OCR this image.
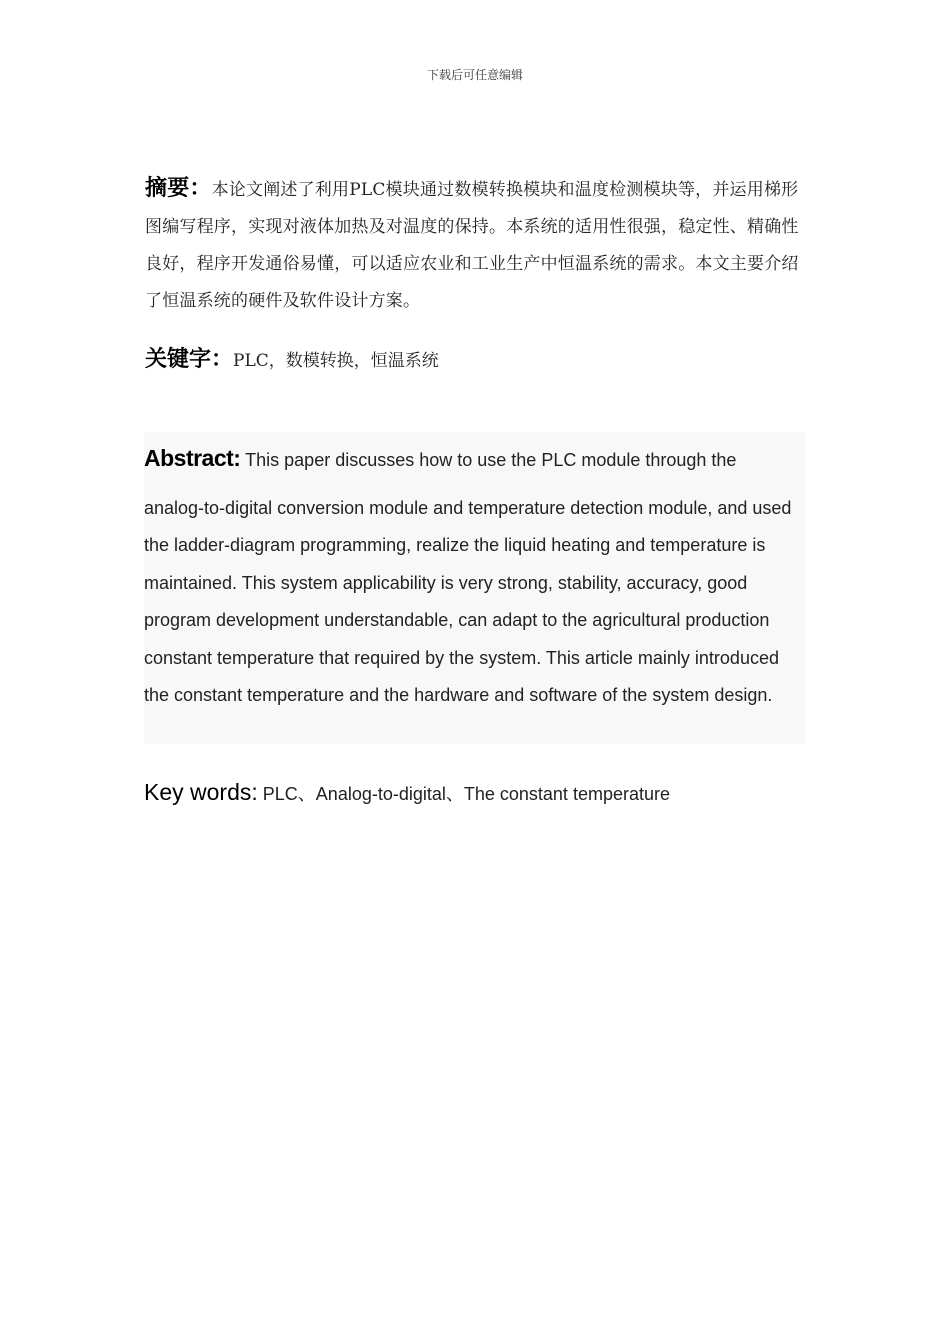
下载后可任意编辑
摘要：本论文阐述了利用PLC模块通过数模转换模块和温度检测模块等，并运用梯形图编写程序，实现对液体加热及对温度的保持。本系统的适用性很强，稳定性、精确性良好，程序开发通俗易懂，可以适应农业和工业生产中恒温系统的需求。本文主要介绍了恒温系统的硬件及软件设计方案。
关键字：PLC，数模转换，恒温系统
Abstract: This paper discusses how to use the PLC module through the
analog-to-digital conversion module and temperature detection module, and used the ladder-diagram programming, realize the liquid heating and temperature is maintained. This system applicability is very strong, stability, accuracy, good program development understandable, can adapt to the agricultural production constant temperature that required by the system. This article mainly introduced the constant temperature and the hardware and software of the system design.
Key words: PLC、Analog-to-digital、The constant temperature
